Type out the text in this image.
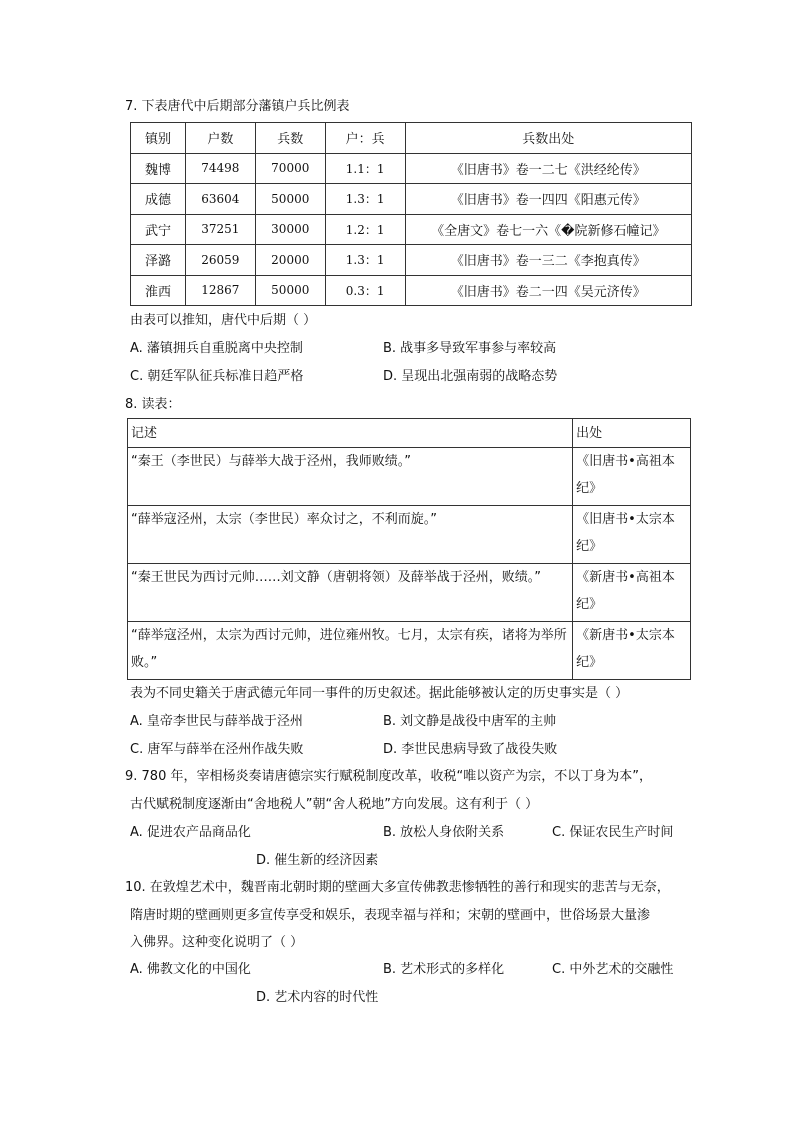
7. 下表唐代中后期部分藩镇户兵比例表
镇别	户数	兵数	户：兵	兵数出处
魏博	74498	70000	1.1：1	《旧唐书》卷一二七《洪经纶传》
成德	63604	50000	1.3：1	《旧唐书》卷一四四《阳惠元传》
武宁	37251	30000	1.2：1	《全唐文》卷七一六《�院新修石幢记》
泽潞	26059	20000	1.3：1	《旧唐书》卷一三二《李抱真传》
淮西	12867	50000	0.3：1	《旧唐书》卷二一四《吴元济传》
由表可以推知，唐代中后期（ ）
A. 藩镇拥兵自重脱离中央控制	B. 战事多导致军事参与率较高
C. 朝廷军队征兵标准日趋严格	D. 呈现出北强南弱的战略态势
8. 读表：
记述	出处
“秦王（李世民）与薛举大战于泾州，我师败绩。”	《旧唐书•高祖本纪》
“薛举寇泾州，太宗（李世民）率众讨之，不利而旋。”	《旧唐书•太宗本纪》
“秦王世民为西讨元帅……刘文静（唐朝将领）及薛举战于泾州，败绩。”	《新唐书•高祖本纪》
“薛举寇泾州，太宗为西讨元帅，进位雍州牧。七月，太宗有疾，诸将为举所败。”	《新唐书•太宗本纪》
表为不同史籍关于唐武德元年同一事件的历史叙述。据此能够被认定的历史事实是（ ）
A. 皇帝李世民与薛举战于泾州	B. 刘文静是战役中唐军的主帅
C. 唐军与薛举在泾州作战失败	D. 李世民患病导致了战役失败
9. 780 年，宰相杨炎奏请唐德宗实行赋税制度改革，收税“唯以资产为宗，不以丁身为本”，
古代赋税制度逐渐由“舍地税人”朝“舍人税地”方向发展。这有利于（ ）
A. 促进农产品商品化	B. 放松人身依附关系	C. 保证农民生产时间
D. 催生新的经济因素
10. 在敦煌艺术中，魏晋南北朝时期的壁画大多宣传佛教悲惨牺牲的善行和现实的悲苦与无奈，
隋唐时期的壁画则更多宣传享受和娱乐，表现幸福与祥和；宋朝的壁画中，世俗场景大量渗
入佛界。这种变化说明了（ ）
A. 佛教文化的中国化	B. 艺术形式的多样化	C. 中外艺术的交融性
D. 艺术内容的时代性
